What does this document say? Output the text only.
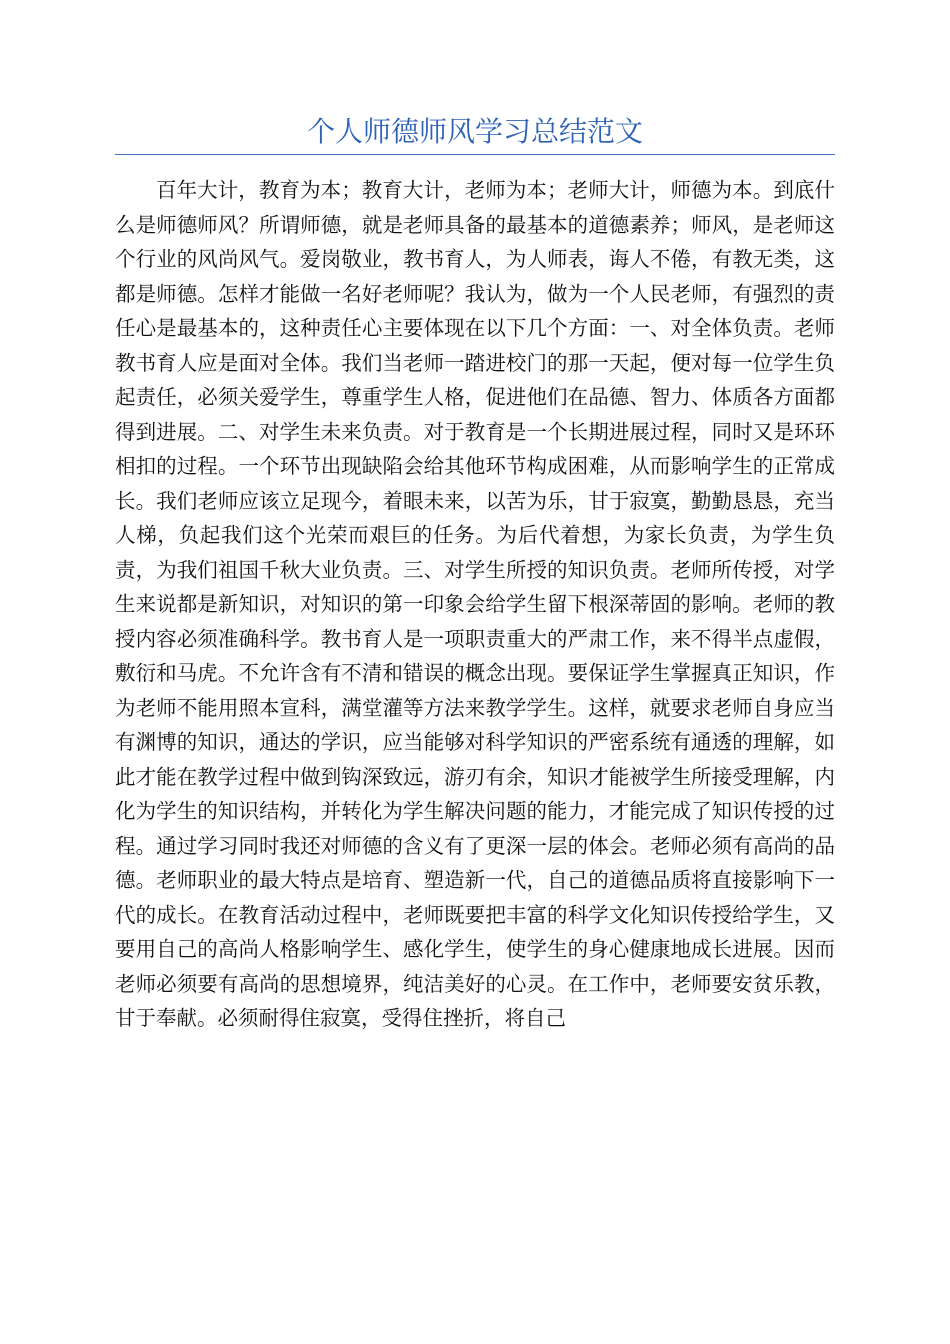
个人师德师风学习总结范文

百年大计，教育为本；教育大计，老师为本；老师大计，师德为本。到底什么是师德师风？所谓师德，就是老师具备的最基本的道德素养；师风，是老师这个行业的风尚风气。爱岗敬业，教书育人，为人师表，诲人不倦，有教无类，这都是师德。怎样才能做一名好老师呢？我认为，做为一个人民老师，有强烈的责任心是最基本的，这种责任心主要体现在以下几个方面：一、对全体负责。老师教书育人应是面对全体。我们当老师一踏进校门的那一天起，便对每一位学生负起责任，必须关爱学生，尊重学生人格，促进他们在品德、智力、体质各方面都得到进展。二、对学生未来负责。对于教育是一个长期进展过程，同时又是环环相扣的过程。一个环节出现缺陷会给其他环节构成困难，从而影响学生的正常成长。我们老师应该立足现今，着眼未来，以苦为乐，甘于寂寞，勤勤恳恳，充当人梯，负起我们这个光荣而艰巨的任务。为后代着想，为家长负责，为学生负责，为我们祖国千秋大业负责。三、对学生所授的知识负责。老师所传授，对学生来说都是新知识，对知识的第一印象会给学生留下根深蒂固的影响。老师的教授内容必须准确科学。教书育人是一项职责重大的严肃工作，来不得半点虚假，敷衍和马虎。不允许含有不清和错误的概念出现。要保证学生掌握真正知识，作为老师不能用照本宣科，满堂灌等方法来教学学生。这样，就要求老师自身应当有渊博的知识，通达的学识，应当能够对科学知识的严密系统有通透的理解，如此才能在教学过程中做到钩深致远，游刃有余，知识才能被学生所接受理解，内化为学生的知识结构，并转化为学生解决问题的能力，才能完成了知识传授的过程。通过学习同时我还对师德的含义有了更深一层的体会。老师必须有高尚的品德。老师职业的最大特点是培育、塑造新一代，自己的道德品质将直接影响下一代的成长。在教育活动过程中，老师既要把丰富的科学文化知识传授给学生，又要用自己的高尚人格影响学生、感化学生，使学生的身心健康地成长进展。因而老师必须要有高尚的思想境界，纯洁美好的心灵。在工作中，老师要安贫乐教，甘于奉献。必须耐得住寂寞，受得住挫折，将自己
